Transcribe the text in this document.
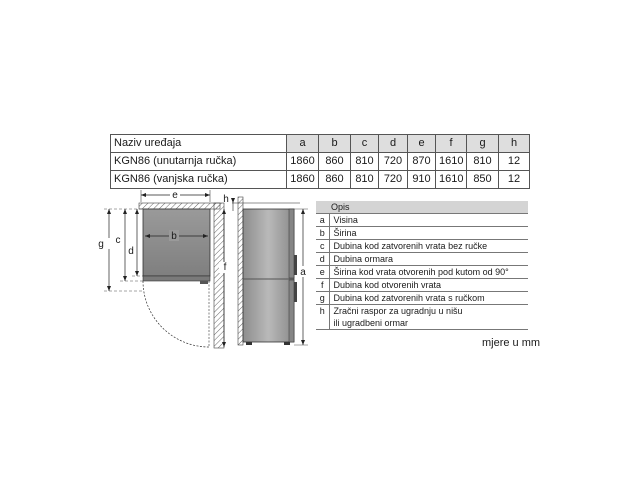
Naziv uređaja	a	b	c	d	e	f	g	h
KGN86 (unutarnja ručka)	1860	860	810	720	870	1610	810	12
KGN86 (vanjska ručka)	1860	860	810	720	910	1610	850	12
e
b
g c
d
f
h
a
	Opis
a	Visina
b	Širina
c	Dubina kod zatvorenih vrata bez ručke
d	Dubina ormara
e	Širina kod vrata otvorenih pod kutom od 90°
f	Dubina kod otvorenih vrata
g	Dubina kod zatvorenih vrata s ručkom
h	Zračni raspor za ugradnju u nišu
ili ugradbeni ormar
mjere u mm
